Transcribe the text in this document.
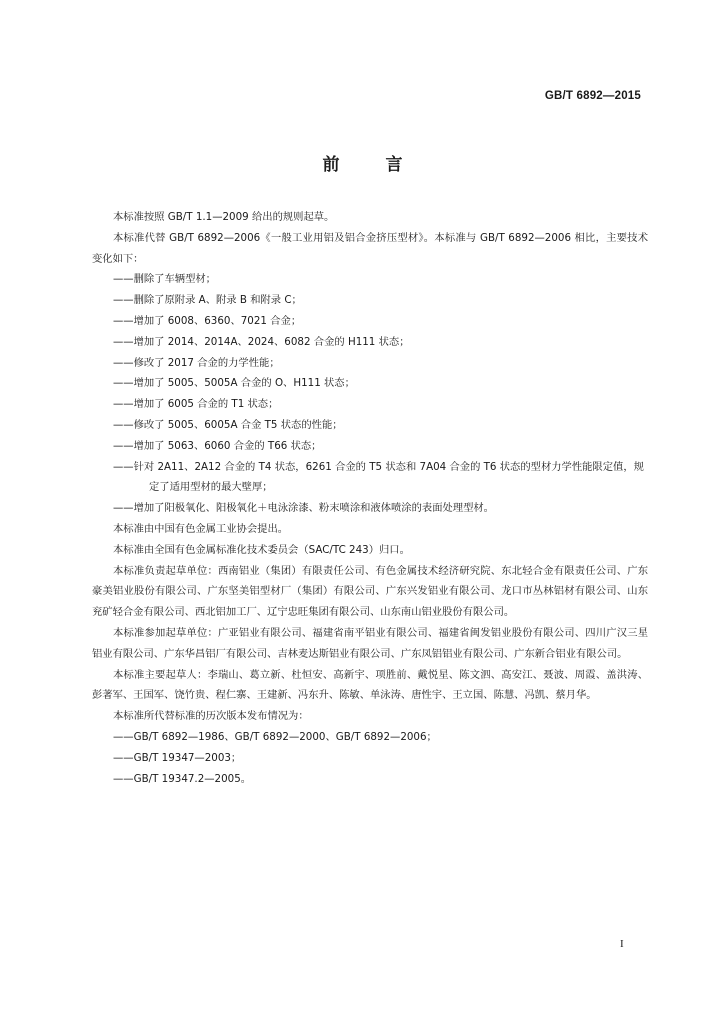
GB/T 6892—2015
前言

本标准按照 GB/T 1.1—2009 给出的规则起草。

本标准代替 GB/T 6892—2006《一般工业用铝及铝合金挤压型材》。本标准与 GB/T 6892—2006 相比，主要技术变化如下：

——删除了车辆型材；
——删除了原附录 A、附录 B 和附录 C；
——增加了 6008、6360、7021 合金；
——增加了 2014、2014A、2024、6082 合金的 H111 状态；
——修改了 2017 合金的力学性能；
——增加了 5005、5005A 合金的 O、H111 状态；
——增加了 6005 合金的 T1 状态；
——修改了 5005、6005A 合金 T5 状态的性能；
——增加了 5063、6060 合金的 T66 状态；
——针对 2A11、2A12 合金的 T4 状态，6261 合金的 T5 状态和 7A04 合金的 T6 状态的型材力学性能限定值，规定了适用型材的最大壁厚；
——增加了阳极氧化、阳极氧化＋电泳涂漆、粉末喷涂和液体喷涂的表面处理型材。

本标准由中国有色金属工业协会提出。

本标准由全国有色金属标准化技术委员会（SAC/TC 243）归口。

本标准负责起草单位：西南铝业（集团）有限责任公司、有色金属技术经济研究院、东北轻合金有限责任公司、广东豪美铝业股份有限公司、广东坚美铝型材厂（集团）有限公司、广东兴发铝业有限公司、龙口市丛林铝材有限公司、山东兖矿轻合金有限公司、西北铝加工厂、辽宁忠旺集团有限公司、山东南山铝业股份有限公司。

本标准参加起草单位：广亚铝业有限公司、福建省南平铝业有限公司、福建省闽发铝业股份有限公司、四川广汉三星铝业有限公司、广东华昌铝厂有限公司、吉林麦达斯铝业有限公司、广东凤铝铝业有限公司、广东新合铝业有限公司。

本标准主要起草人：李瑞山、葛立新、杜恒安、高新宇、项胜前、戴悦星、陈文泗、高安江、聂波、周霞、盖洪涛、彭著军、王国军、饶竹贵、程仁寨、王建新、冯东升、陈敏、单泳涛、唐性宇、王立国、陈慧、冯凯、蔡月华。

本标准所代替标准的历次版本发布情况为：

——GB/T 6892—1986、GB/T 6892—2000、GB/T 6892—2006；
——GB/T 19347—2003；
——GB/T 19347.2—2005。
I
